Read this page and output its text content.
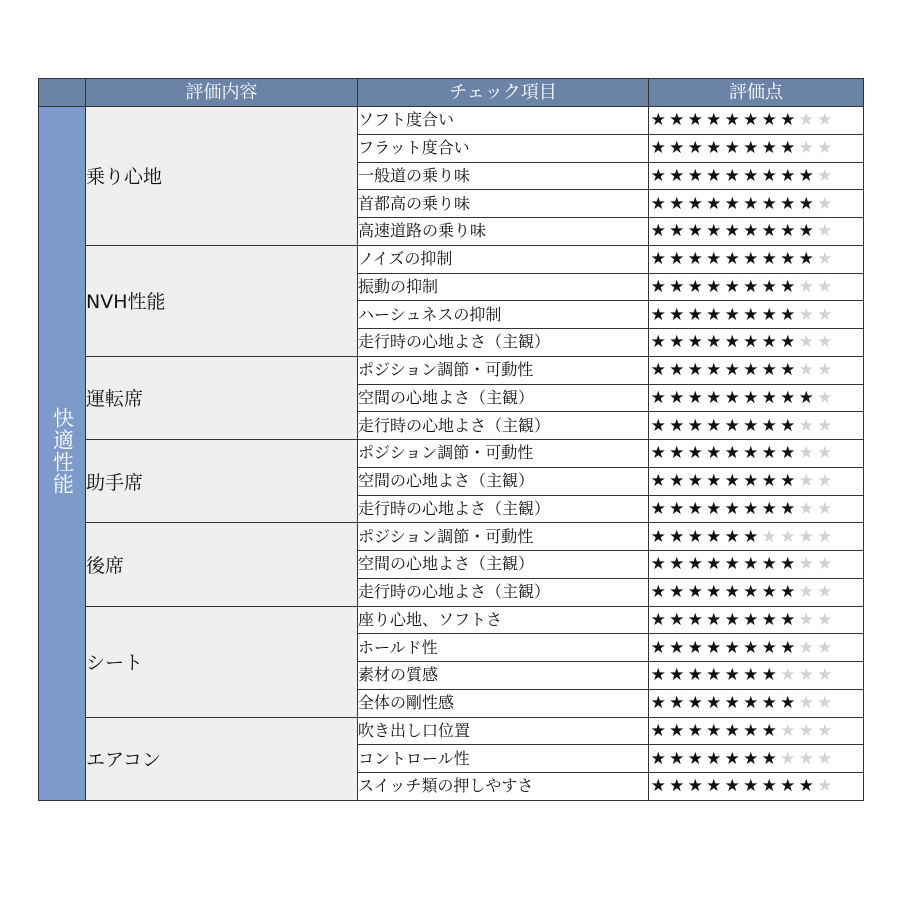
	評価内容	チェック項目	評価点
快適性能	乗り心地	ソフト度合い	★ ★ ★ ★ ★ ★ ★ ★ ★ ★
		フラット度合い	★ ★ ★ ★ ★ ★ ★ ★ ★ ★
		一般道の乗り味	★ ★ ★ ★ ★ ★ ★ ★ ★ ★
		首都高の乗り味	★ ★ ★ ★ ★ ★ ★ ★ ★ ★
		高速道路の乗り味	★ ★ ★ ★ ★ ★ ★ ★ ★ ★
	NVH性能	ノイズの抑制	★ ★ ★ ★ ★ ★ ★ ★ ★ ★
		振動の抑制	★ ★ ★ ★ ★ ★ ★ ★ ★ ★
		ハーシュネスの抑制	★ ★ ★ ★ ★ ★ ★ ★ ★ ★
		走行時の心地よさ（主観）	★ ★ ★ ★ ★ ★ ★ ★ ★ ★
	運転席	ポジション調節・可動性	★ ★ ★ ★ ★ ★ ★ ★ ★ ★
		空間の心地よさ（主観）	★ ★ ★ ★ ★ ★ ★ ★ ★ ★
		走行時の心地よさ（主観）	★ ★ ★ ★ ★ ★ ★ ★ ★ ★
	助手席	ポジション調節・可動性	★ ★ ★ ★ ★ ★ ★ ★ ★ ★
		空間の心地よさ（主観）	★ ★ ★ ★ ★ ★ ★ ★ ★ ★
		走行時の心地よさ（主観）	★ ★ ★ ★ ★ ★ ★ ★ ★ ★
	後席	ポジション調節・可動性	★ ★ ★ ★ ★ ★ ★ ★ ★ ★
		空間の心地よさ（主観）	★ ★ ★ ★ ★ ★ ★ ★ ★ ★
		走行時の心地よさ（主観）	★ ★ ★ ★ ★ ★ ★ ★ ★ ★
	シート	座り心地、ソフトさ	★ ★ ★ ★ ★ ★ ★ ★ ★ ★
		ホールド性	★ ★ ★ ★ ★ ★ ★ ★ ★ ★
		素材の質感	★ ★ ★ ★ ★ ★ ★ ★ ★ ★
		全体の剛性感	★ ★ ★ ★ ★ ★ ★ ★ ★ ★
	エアコン	吹き出し口位置	★ ★ ★ ★ ★ ★ ★ ★ ★ ★
		コントロール性	★ ★ ★ ★ ★ ★ ★ ★ ★ ★
		スイッチ類の押しやすさ	★ ★ ★ ★ ★ ★ ★ ★ ★ ★
